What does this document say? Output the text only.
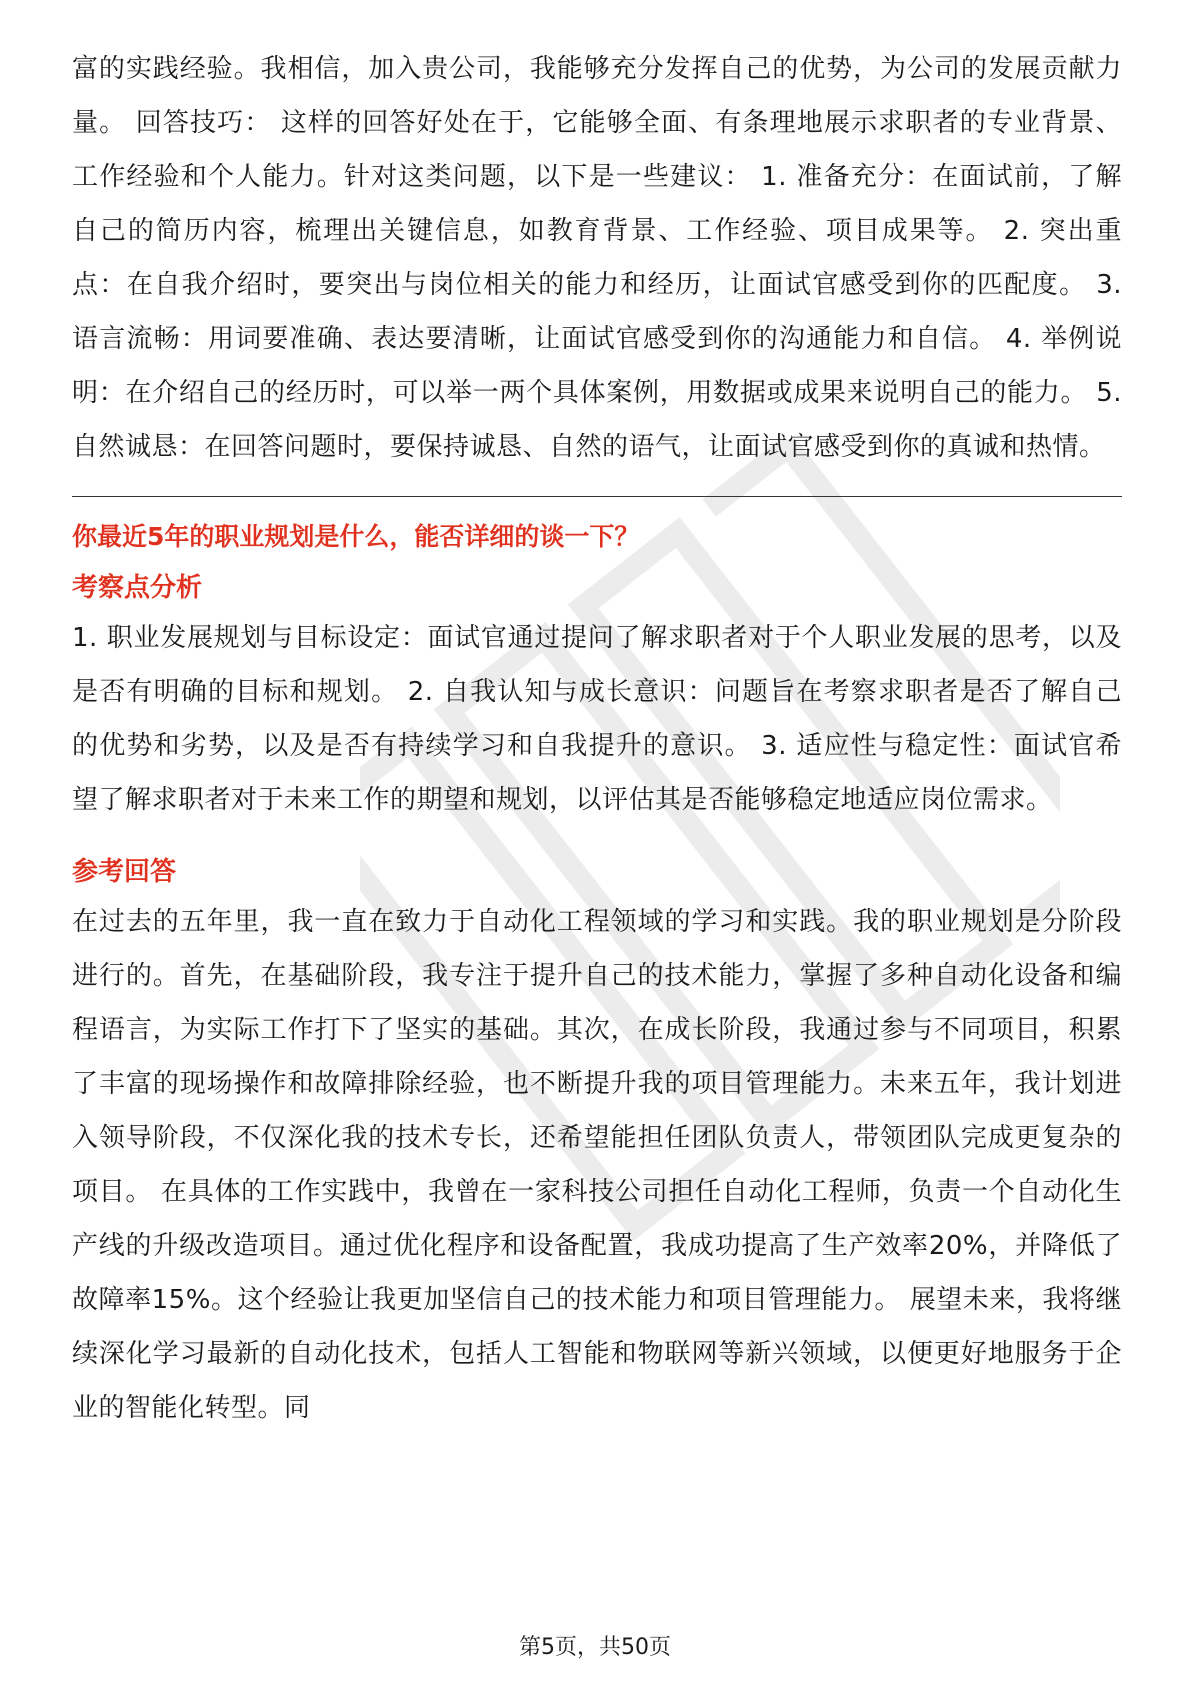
富的实践经验。我相信，加入贵公司，我能够充分发挥自己的优势，为公司的发展贡献力量。 回答技巧： 这样的回答好处在于，它能够全面、有条理地展示求职者的专业背景、工作经验和个人能力。针对这类问题，以下是一些建议： 1. 准备充分：在面试前，了解自己的简历内容，梳理出关键信息，如教育背景、工作经验、项目成果等。 2. 突出重点：在自我介绍时，要突出与岗位相关的能力和经历，让面试官感受到你的匹配度。 3. 语言流畅：用词要准确、表达要清晰，让面试官感受到你的沟通能力和自信。 4. 举例说明：在介绍自己的经历时，可以举一两个具体案例，用数据或成果来说明自己的能力。 5. 自然诚恳：在回答问题时，要保持诚恳、自然的语气，让面试官感受到你的真诚和热情。

你最近5年的职业规划是什么，能否详细的谈一下？

考察点分析

1. 职业发展规划与目标设定：面试官通过提问了解求职者对于个人职业发展的思考，以及是否有明确的目标和规划。 2. 自我认知与成长意识：问题旨在考察求职者是否了解自己的优势和劣势，以及是否有持续学习和自我提升的意识。 3. 适应性与稳定性：面试官希望了解求职者对于未来工作的期望和规划，以评估其是否能够稳定地适应岗位需求。

参考回答

在过去的五年里，我一直在致力于自动化工程领域的学习和实践。我的职业规划是分阶段进行的。首先，在基础阶段，我专注于提升自己的技术能力，掌握了多种自动化设备和编程语言，为实际工作打下了坚实的基础。其次，在成长阶段，我通过参与不同项目，积累了丰富的现场操作和故障排除经验，也不断提升我的项目管理能力。未来五年，我计划进入领导阶段，不仅深化我的技术专长，还希望能担任团队负责人，带领团队完成更复杂的项目。 在具体的工作实践中，我曾在一家科技公司担任自动化工程师，负责一个自动化生产线的升级改造项目。通过优化程序和设备配置，我成功提高了生产效率20%，并降低了故障率15%。这个经验让我更加坚信自己的技术能力和项目管理能力。 展望未来，我将继续深化学习最新的自动化技术，包括人工智能和物联网等新兴领域，以便更好地服务于企业的智能化转型。同

第5页，共50页
